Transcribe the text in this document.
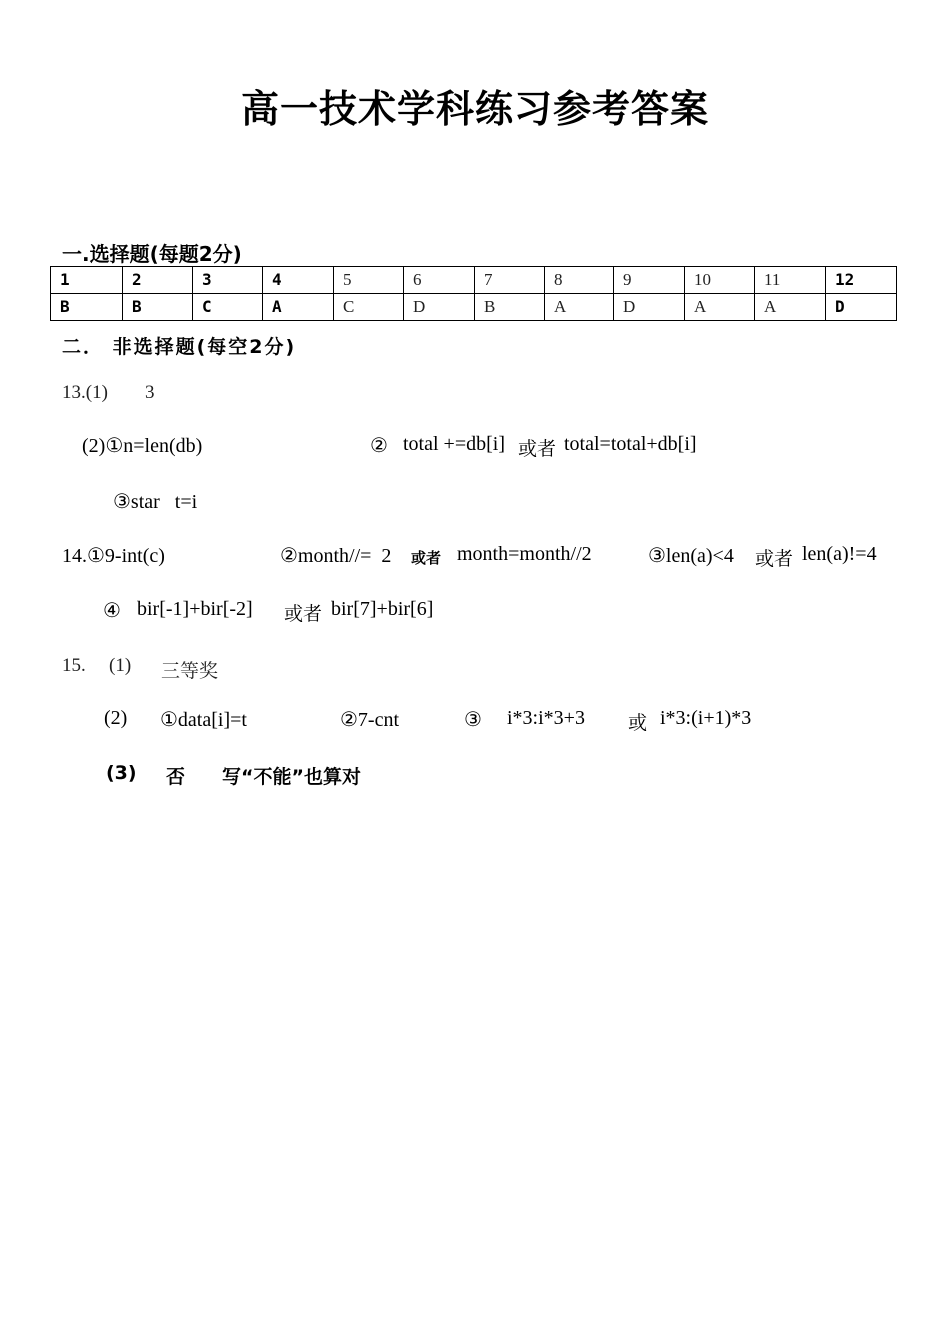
高一技术学科练习参考答案
一.选择题(每题2分)
1	2	3	4	5	6	7	8	9	10	11	12
B	B	C	A	C	D	B	A	D	A	A	D
二． 非选择题(每空2分)
13.(1) 3
(2)①n=len(db)	② total +=db[i] 或者 total=total+db[i]
③star   t=i
14.①9-int(c)	②month//=  2 或者 month=month//2	③len(a)<4 或者 len(a)!=4
④ bir[-1]+bir[-2] 或者 bir[7]+bir[6]
15. (1) 三等奖
(2) ①data[i]=t	②7-cnt	③ i*3:i*3+3 或 i*3:(i+1)*3
(3) 否 写“不能”也算对
